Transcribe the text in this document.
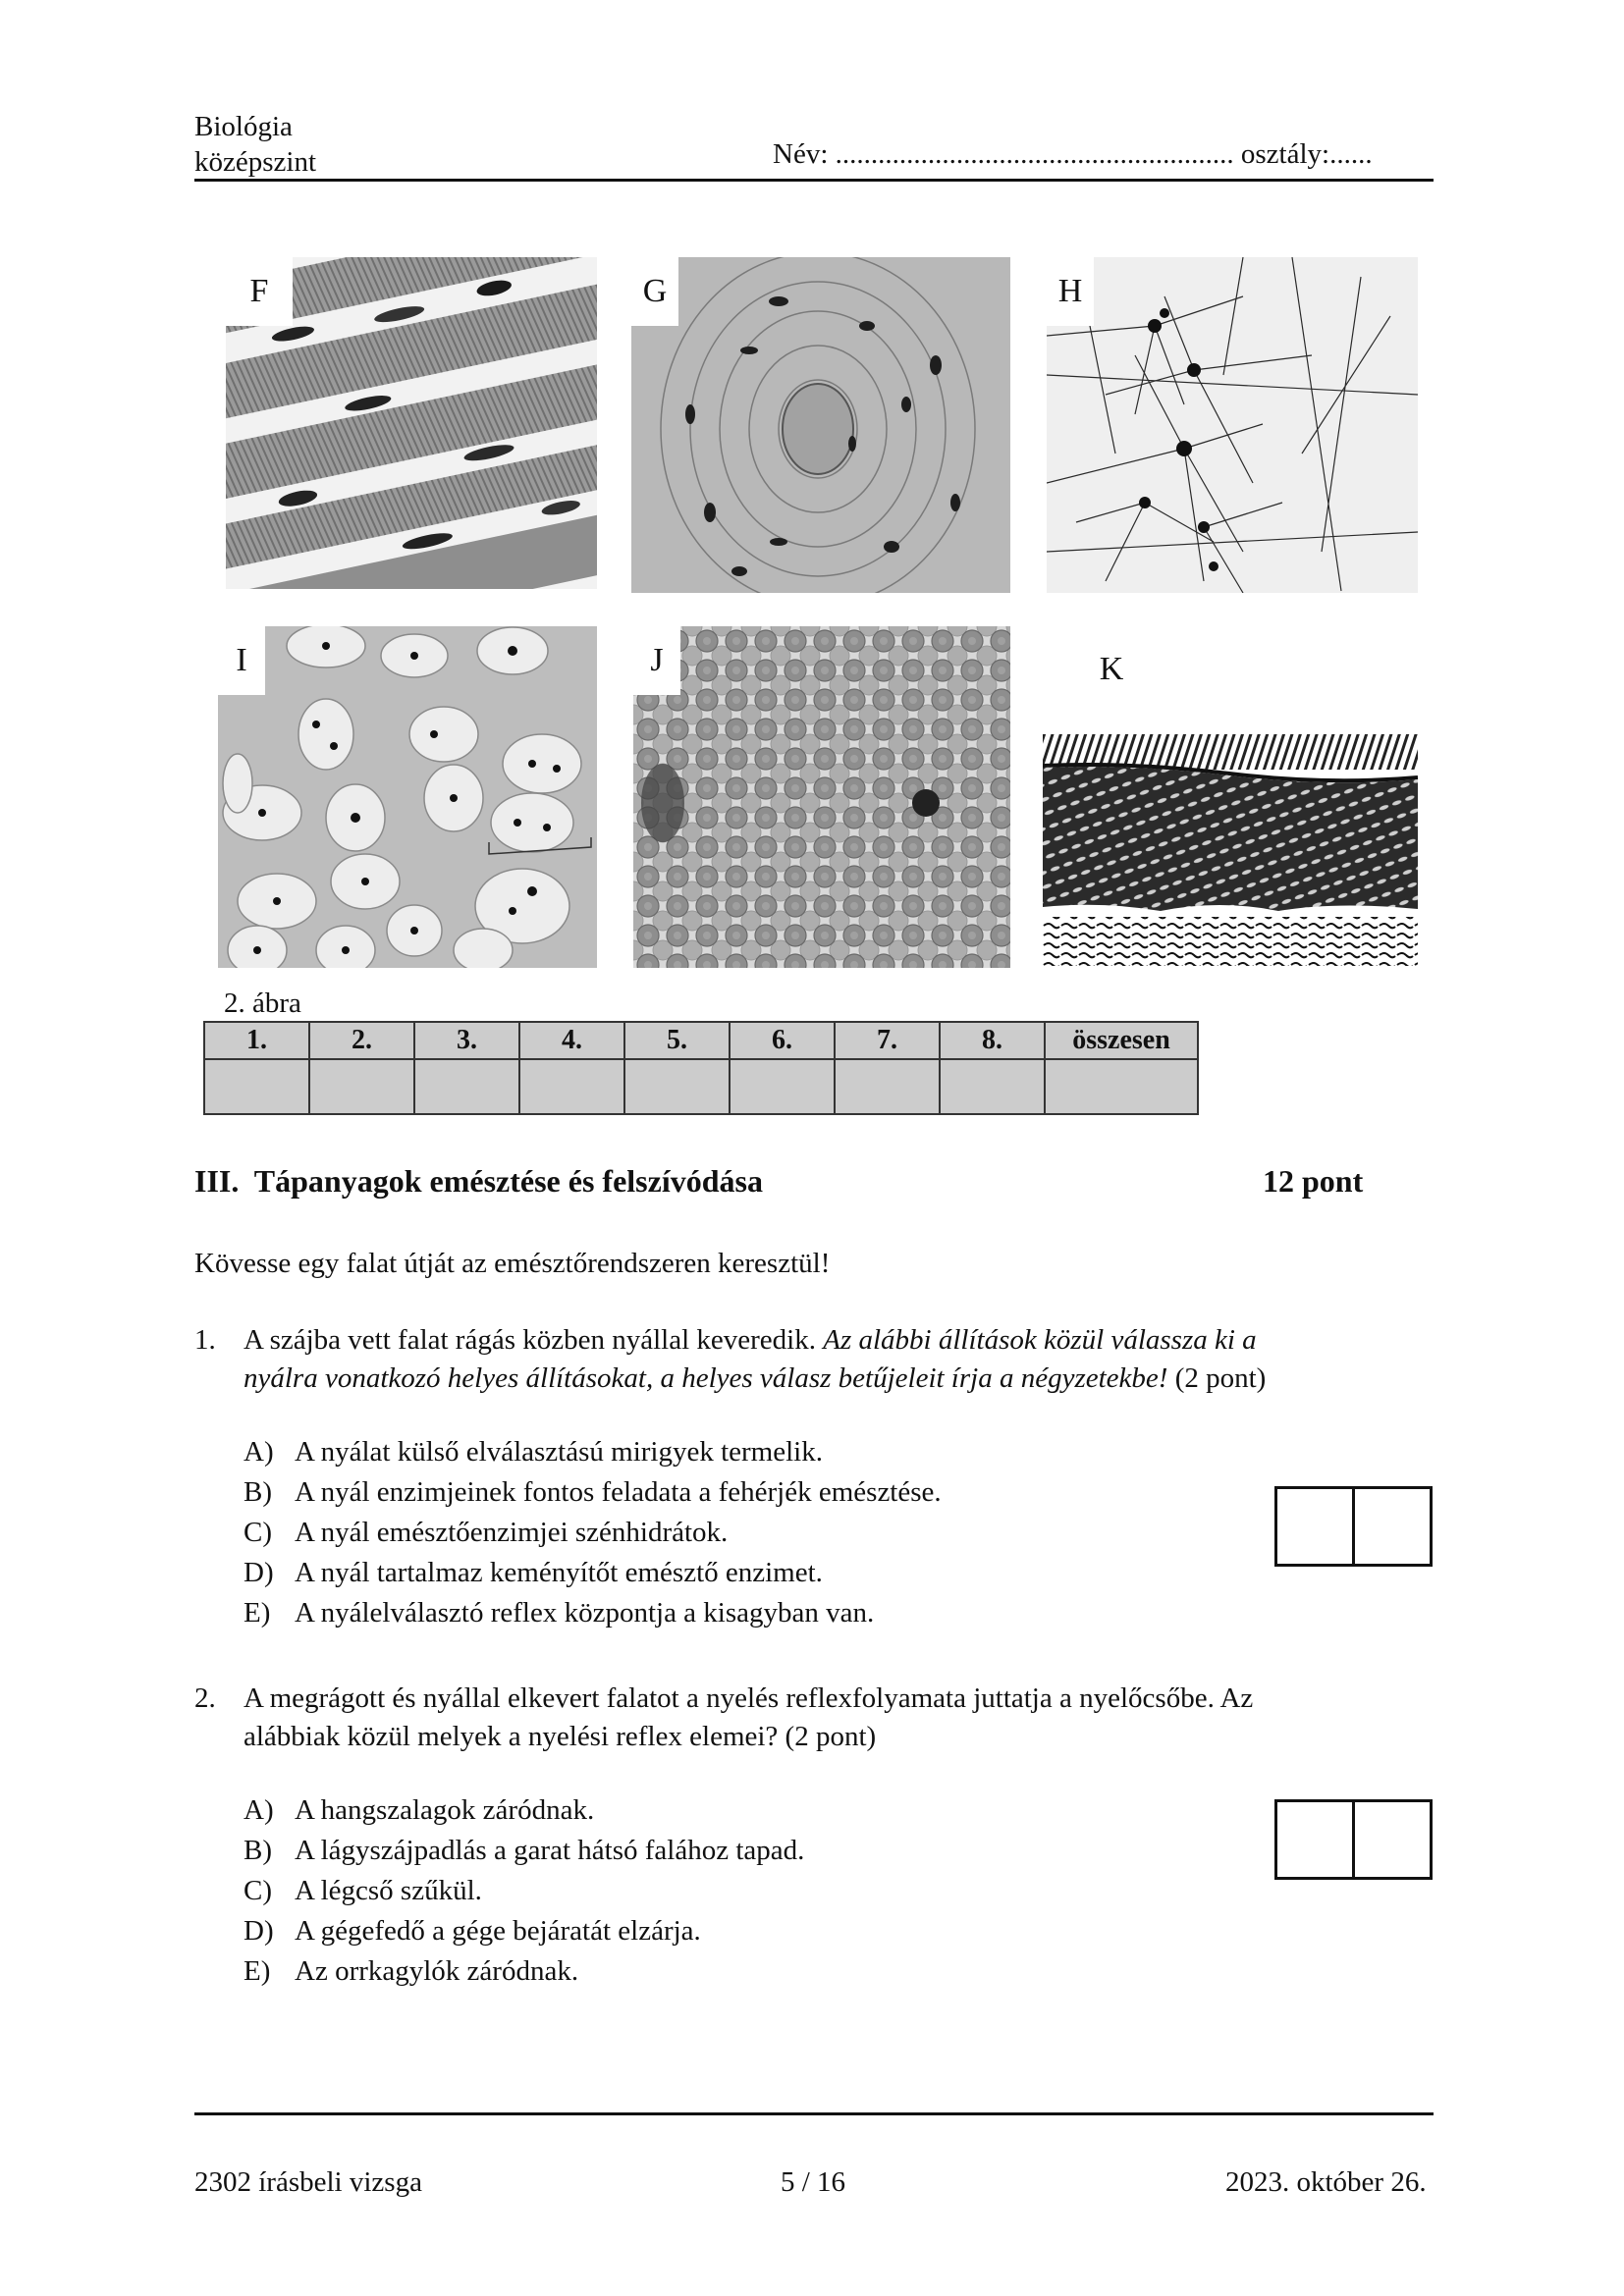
Biológia
középszint	Név: ........................................................ osztály:......
F	G	H
I	J	K
2. ábra
1.	2.	3.	4.	5.	6.	7.	8.	összesen

III.  Tápanyagok emésztése és felszívódása	12 pont
Kövesse egy falat útját az emésztőrendszeren keresztül!
1. A szájba vett falat rágás közben nyállal keveredik. Az alábbi állítások közül válassza ki a
nyálra vonatkozó helyes állításokat, a helyes válasz betűjeleit írja a négyzetekbe! (2 pont)
A) A nyálat külső elválasztású mirigyek termelik.
B) A nyál enzimjeinek fontos feladata a fehérjék emésztése.
C) A nyál emésztőenzimjei szénhidrátok.
D) A nyál tartalmaz keményítőt emésztő enzimet.
E) A nyálelválasztó reflex központja a kisagyban van.
2. A megrágott és nyállal elkevert falatot a nyelés reflexfolyamata juttatja a nyelőcsőbe. Az
alábbiak közül melyek a nyelési reflex elemei? (2 pont)
A) A hangszalagok záródnak.
B) A lágyszájpadlás a garat hátsó falához tapad.
C) A légcső szűkül.
D) A gégefedő a gége bejáratát elzárja.
E) Az orrkagylók záródnak.
2302 írásbeli vizsga	5 / 16	2023. október 26.
